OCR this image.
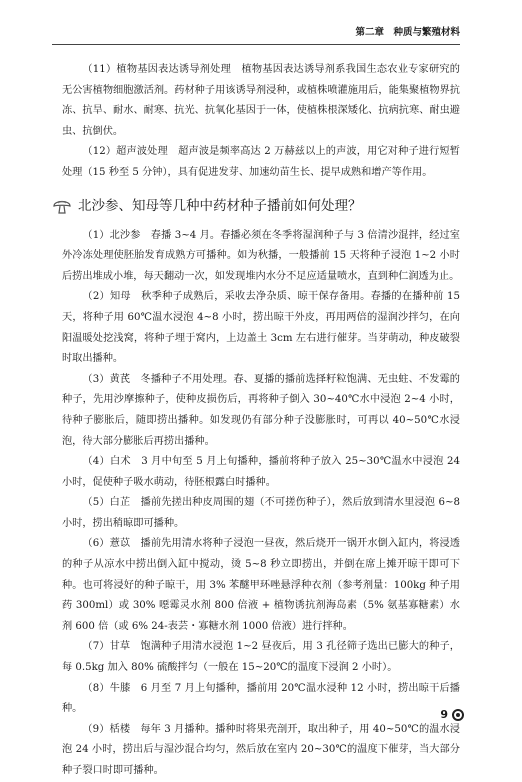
第二章　种质与繁殖材料

（11）植物基因表达诱导剂处理　植物基因表达诱导剂系我国生态农业专家研究的无公害植物细胞激活剂。药材种子用该诱导剂浸种，或植株喷灌施用后，能集聚植物界抗冻、抗旱、耐水、耐寒、抗光、抗氧化基因于一体，使植株根深矮化、抗病抗寒、耐虫避虫、抗倒伏。

（12）超声波处理　超声波是频率高达 2 万赫兹以上的声波，用它对种子进行短暂处理（15 秒至 5 分钟），具有促进发芽、加速幼苗生长、提早成熟和增产等作用。

北沙参、知母等几种中药材种子播前如何处理？

（1）北沙参　春播 3~4 月。春播必须在冬季将湿润种子与 3 倍清沙混拌，经过室外冷冻处理使胚胎发育成熟方可播种。如为秋播，一般播前 15 天将种子浸泡 1~2 小时后捞出堆成小堆，每天翻动一次，如发现堆内水分不足应适量喷水，直到种仁润透为止。

（2）知母　秋季种子成熟后，采收去净杂质、晾干保存备用。春播的在播种前 15 天，将种子用 60℃温水浸泡 4~8 小时，捞出晾干外皮，再用两倍的湿润沙拌匀，在向阳温暖处挖浅窝，将种子埋于窝内，上边盖土 3cm 左右进行催芽。当芽萌动，种皮破裂时取出播种。

（3）黄芪　冬播种子不用处理。春、夏播的播前选择籽粒饱满、无虫蛀、不发霉的种子，先用沙摩擦种子，使种皮损伤后，再将种子倒入 30~40℃水中浸泡 2~4 小时，待种子膨胀后，随即捞出播种。如发现仍有部分种子没膨胀时，可再以 40~50℃水浸泡，待大部分膨胀后再捞出播种。

（4）白术　3 月中旬至 5 月上旬播种，播前将种子放入 25~30℃温水中浸泡 24 小时，促使种子吸水萌动，待胚根露白时播种。

（5）白芷　播前先搓出种皮周围的翅（不可搓伤种子），然后放到清水里浸泡 6~8 小时，捞出稍晾即可播种。

（6）薏苡　播前先用清水将种子浸泡一昼夜，然后烧开一锅开水倒入缸内，将浸透的种子从凉水中捞出倒入缸中搅动，烫 5~8 秒立即捞出，并倒在席上摊开晾干即可下种。也可将浸好的种子晾干，用 3% 苯醚甲环唑悬浮种衣剂（参考剂量：100kg 种子用药 300ml）或 30% 噁霉灵水剂 800 倍液 + 植物诱抗剂海岛素（5% 氨基寡糖素）水剂 600 倍（或 6% 24-表芸・寡糖水剂 1000 倍液）进行拌种。

（7）甘草　饱满种子用清水浸泡 1~2 昼夜后，用 3 孔径筛子选出已膨大的种子，每 0.5kg 加入 80% 硫酸拌匀（一般在 15~20℃的温度下浸润 2 小时）。

（8）牛膝　6 月至 7 月上旬播种，播前用 20℃温水浸种 12 小时，捞出晾干后播种。

（9）栝楼　每年 3 月播种。播种时将果壳剖开，取出种子，用 40~50℃的温水浸泡 24 小时，捞出后与湿沙混合均匀，然后放在室内 20~30℃的温度下催芽，当大部分种子裂口时即可播种。

9
